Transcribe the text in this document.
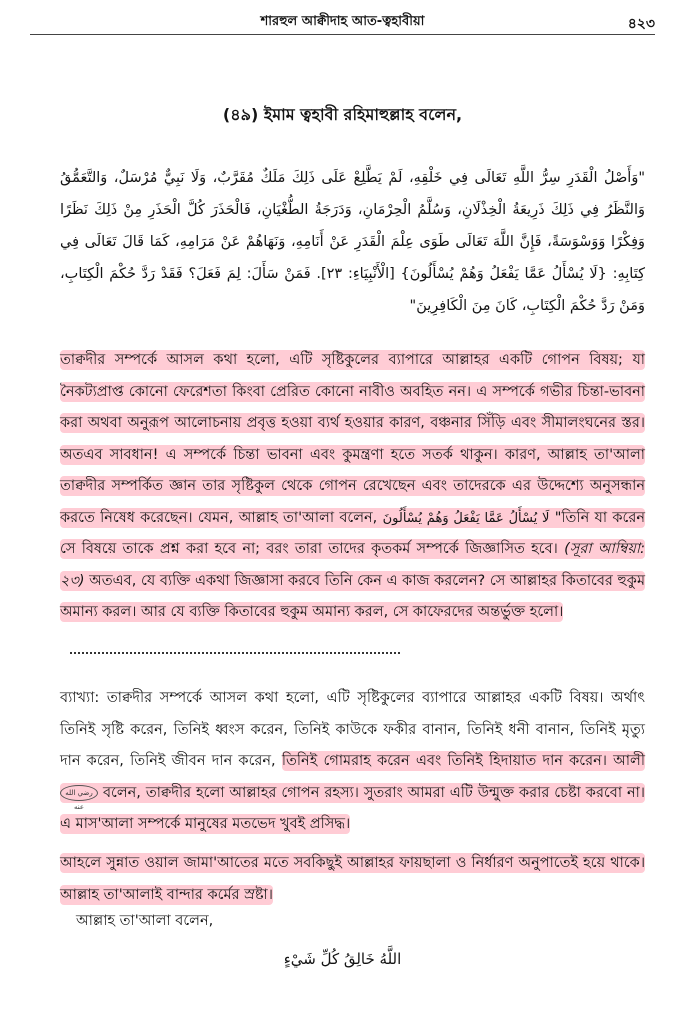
শারহুল আক্বীদাহ আত-ত্বহাবীয়া	৪২৩
(৪৯) ইমাম ত্বহাবী রহিমাহুল্লাহ বলেন,
"وَأَصْلُ الْقَدَرِ سِرُّ اللَّهِ تَعَالَى فِي خَلْقِهِ، لَمْ يَطَّلِعْ عَلَى ذَلِكَ مَلَكٌ مُقَرَّبٌ، وَلَا نَبِيٌّ مُرْسَلٌ، وَالتَّعَمُّقُ وَالنَّظَرُ فِي ذَلِكَ ذَرِيعَةُ الْخِذْلَانِ، وَسُلَّمُ الْحِرْمَانِ، وَدَرَجَةُ الطُّغْيَانِ، فَالْحَذَرَ كُلَّ الْحَذَرِ مِنْ ذَلِكَ نَظَرًا وَفِكْرًا وَوَسْوَسَةً، فَإِنَّ اللَّهَ تَعَالَى طَوَى عِلْمَ الْقَدَرِ عَنْ أَنَامِهِ، وَنَهَاهُمْ عَنْ مَرَامِهِ، كَمَا قَالَ تَعَالَى فِي كِتَابِهِ: {لَا يُسْأَلُ عَمَّا يَفْعَلُ وَهُمْ يُسْأَلُونَ} [الْأَنْبِيَاءِ: ٢٣]. فَمَنْ سَأَلَ: لِمَ فَعَلَ؟ فَقَدْ رَدَّ حُكْمَ الْكِتَابِ، وَمَنْ رَدَّ حُكْمَ الْكِتَابِ، كَانَ مِنَ الْكَافِرِينَ"
তাক্বদীর সম্পর্কে আসল কথা হলো, এটি সৃষ্টিকুলের ব্যাপারে আল্লাহর একটি গোপন বিষয়; যা নৈকট্যপ্রাপ্ত কোনো ফেরেশতা কিংবা প্রেরিত কোনো নাবীও অবহিত নন। এ সম্পর্কে গভীর চিন্তা-ভাবনা করা অথবা অনুরূপ আলোচনায় প্রবৃত্ত হওয়া ব্যর্থ হওয়ার কারণ, বঞ্চনার সিঁড়ি এবং সীমালংঘনের স্তর। অতএব সাবধান! এ সম্পর্কে চিন্তা ভাবনা এবং কুমন্ত্রণা হতে সতর্ক থাকুন। কারণ, আল্লাহ তা'আলা তাক্বদীর সম্পর্কিত জ্ঞান তার সৃষ্টিকুল থেকে গোপন রেখেছেন এবং তাদেরকে এর উদ্দেশ্যে অনুসন্ধান করতে নিষেধ করেছেন। যেমন, আল্লাহ তা'আলা বলেন, لَا يُسْأَلُ عَمَّا يَفْعَلُ وَهُمْ يُسْأَلُونَ "তিনি যা করেন সে বিষয়ে তাকে প্রশ্ন করা হবে না; বরং তারা তাদের কৃতকর্ম সম্পর্কে জিজ্ঞাসিত হবে। (সূরা আম্বিয়া: ২৩) অতএব, যে ব্যক্তি একথা জিজ্ঞাসা করবে তিনি কেন এ কাজ করলেন? সে আল্লাহর কিতাবের হুকুম অমান্য করল। আর যে ব্যক্তি কিতাবের হুকুম অমান্য করল, সে কাফেরদের অন্তর্ভুক্ত হলো।
ব্যাখ্যা: তাক্বদীর সম্পর্কে আসল কথা হলো, এটি সৃষ্টিকুলের ব্যাপারে আল্লাহর একটি বিষয়। অর্থাৎ তিনিই সৃষ্টি করেন, তিনিই ধ্বংস করেন, তিনিই কাউকে ফকীর বানান, তিনিই ধনী বানান, তিনিই মৃত্যু দান করেন, তিনিই জীবন দান করেন, তিনিই গোমরাহ করেন এবং তিনিই হিদায়াত দান করেন। আলী رضي الله عنه বলেন, তাক্বদীর হলো আল্লাহর গোপন রহস্য। সুতরাং আমরা এটি উন্মুক্ত করার চেষ্টা করবো না। এ মাস'আলা সম্পর্কে মানুষের মতভেদ খুবই প্রসিদ্ধ।
আহলে সুন্নাত ওয়াল জামা'আতের মতে সবকিছুই আল্লাহর ফায়ছালা ও নির্ধারণ অনুপাতেই হয়ে থাকে। আল্লাহ তা'আলাই বান্দার কর্মের স্রষ্টা।
আল্লাহ তা'আলা বলেন,
اللَّهُ خَالِقُ كُلِّ شَيْءٍ
